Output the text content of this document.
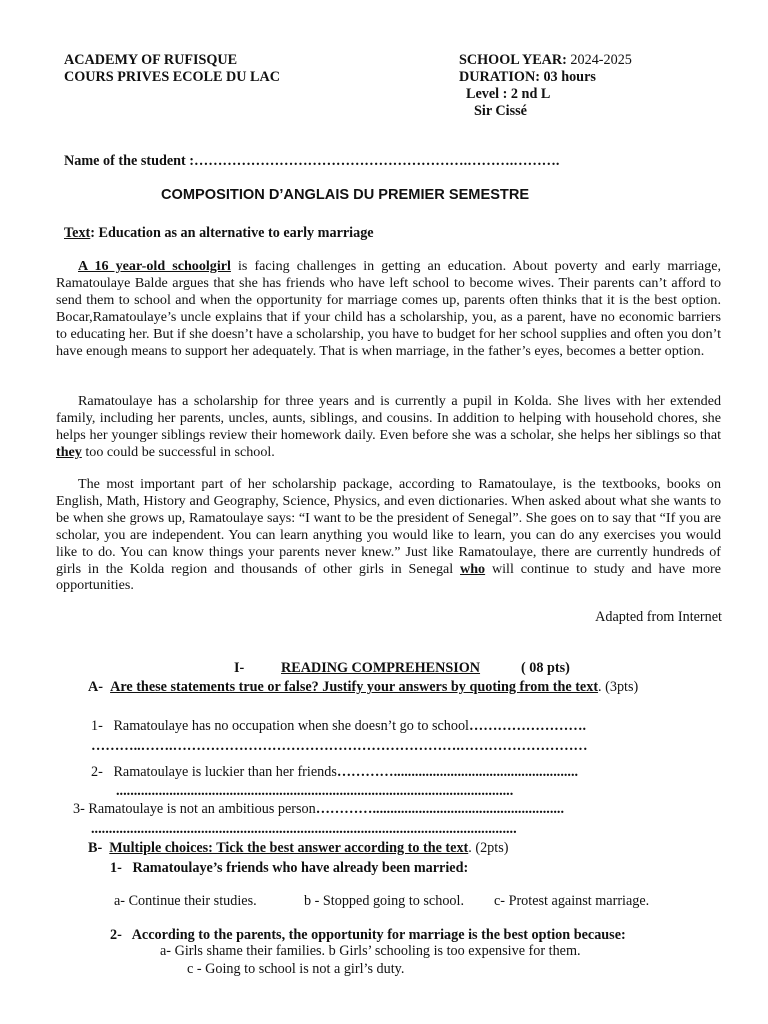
ACADEMY OF RUFISQUE
COURS PRIVES ECOLE DU LAC
SCHOOL YEAR: 2024-2025
DURATION: 03 hours
Level : 2 nd L
Sir Cissé
Name of the student :………………………………………………….……….……….
COMPOSITION D’ANGLAIS DU PREMIER SEMESTRE
Text: Education as an alternative to early marriage
A 16 year-old schoolgirl is facing challenges in getting an education. About poverty and early marriage, Ramatoulaye Balde argues that she has friends who have left school to become wives. Their parents can’t afford to send them to school and when the opportunity for marriage comes up, parents often thinks that it is the best option. Bocar,Ramatoulaye’s uncle explains that if your child has a scholarship, you, as a parent, have no economic barriers to educating her. But if she doesn’t have a scholarship, you have to budget for her school supplies and often you don’t have enough means to support her adequately. That is when marriage, in the father’s eyes, becomes a better option.
Ramatoulaye has a scholarship for three years and is currently a pupil in Kolda. She lives with her extended family, including her parents, uncles, aunts, siblings, and cousins. In addition to helping with household chores, she helps her younger siblings review their homework daily. Even before she was a scholar, she helps her siblings so that they too could be successful in school.
The most important part of her scholarship package, according to Ramatoulaye, is the textbooks, books on English, Math, History and Geography, Science, Physics, and even dictionaries. When asked about what she wants to be when she grows up, Ramatoulaye says: “I want to be the president of Senegal”. She goes on to say that “If you are scholar, you are independent. You can learn anything you would like to learn, you can do any exercises you would like to do. You can know things your parents never knew.” Just like Ramatoulaye, there are currently hundreds of girls in the Kolda region and thousands of other girls in Senegal who will continue to study and have more opportunities.
Adapted from Internet
I-	READING COMPREHENSION	( 08 pts)
A- Are these statements true or false? Justify your answers by quoting from the text. (3pts)
1- Ramatoulaye has no occupation when she doesn’t go to school…………………….
………..…….…………………………………………………….………………………
2- Ramatoulaye is luckier than her friends…………....................................................
................................................................................................................
3- Ramatoulaye is not an ambitious person…………......................................................
........................................................................................................................
B- Multiple choices: Tick the best answer according to the text. (2pts)
1- Ramatoulaye’s friends who have already been married:
a- Continue their studies.	b - Stopped going to school. c- Protest against marriage.
2- According to the parents, the opportunity for marriage is the best option because:
a- Girls shame their families. b Girls’ schooling is too expensive for them.
c - Going to school is not a girl’s duty.
